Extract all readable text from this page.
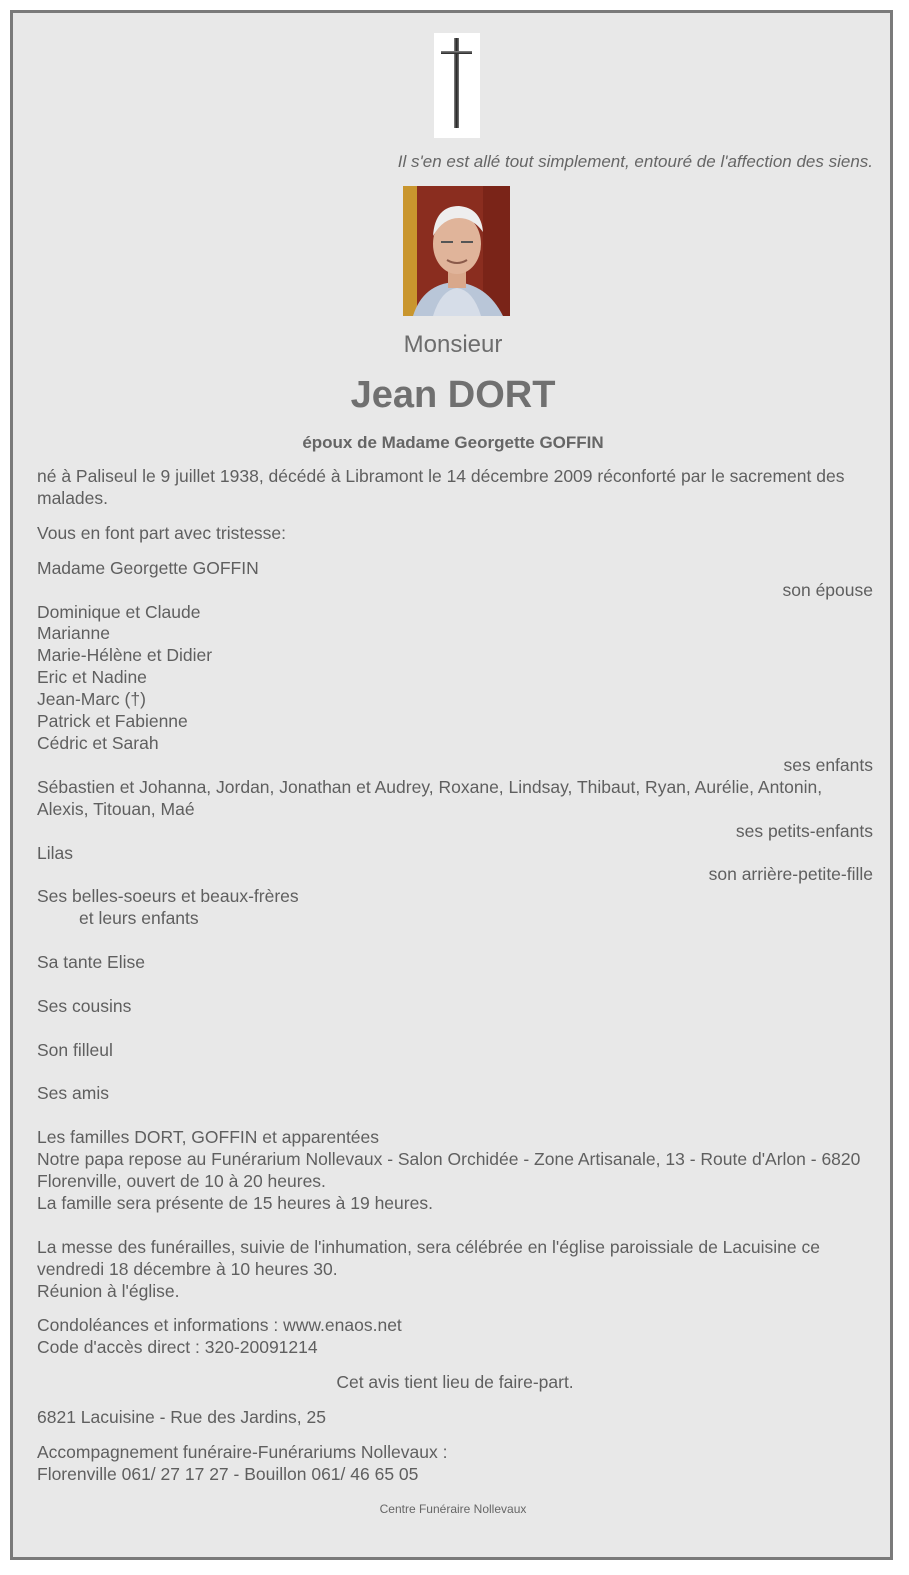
Il s'en est allé tout simplement, entouré de l'affection des siens.
Monsieur
Jean DORT
époux de Madame Georgette GOFFIN

né à Paliseul le 9 juillet 1938, décédé à Libramont le 14 décembre 2009 réconforté par le sacrement des malades.

Vous en font part avec tristesse:

Madame Georgette GOFFIN

son épouse

Dominique et Claude

Marianne

Marie-Hélène et Didier

Eric et Nadine

Jean-Marc (†)

Patrick et Fabienne

Cédric et Sarah

ses enfants

Sébastien et Johanna, Jordan, Jonathan et Audrey, Roxane, Lindsay, Thibaut, Ryan, Aurélie, Antonin, Alexis, Titouan, Maé

ses petits-enfants

Lilas

son arrière-petite-fille

Ses belles-soeurs et beaux-frères

et leurs enfants

Sa tante Elise

Ses cousins

Son filleul

Ses amis

Les familles DORT, GOFFIN et apparentées

Notre papa repose au Funérarium Nollevaux - Salon Orchidée - Zone Artisanale, 13 - Route d'Arlon - 6820 Florenville, ouvert de 10 à 20 heures.

La famille sera présente de 15 heures à 19 heures.

La messe des funérailles, suivie de l'inhumation, sera célébrée en l'église paroissiale de Lacuisine ce vendredi 18 décembre à 10 heures 30.

Réunion à l'église.

Condoléances et informations : www.enaos.net

Code d'accès direct : 320-20091214

Cet avis tient lieu de faire-part.

6821 Lacuisine - Rue des Jardins, 25

Accompagnement funéraire-Funérariums Nollevaux :

Florenville 061/ 27 17 27 - Bouillon 061/ 46 65 05

Centre Funéraire Nollevaux
